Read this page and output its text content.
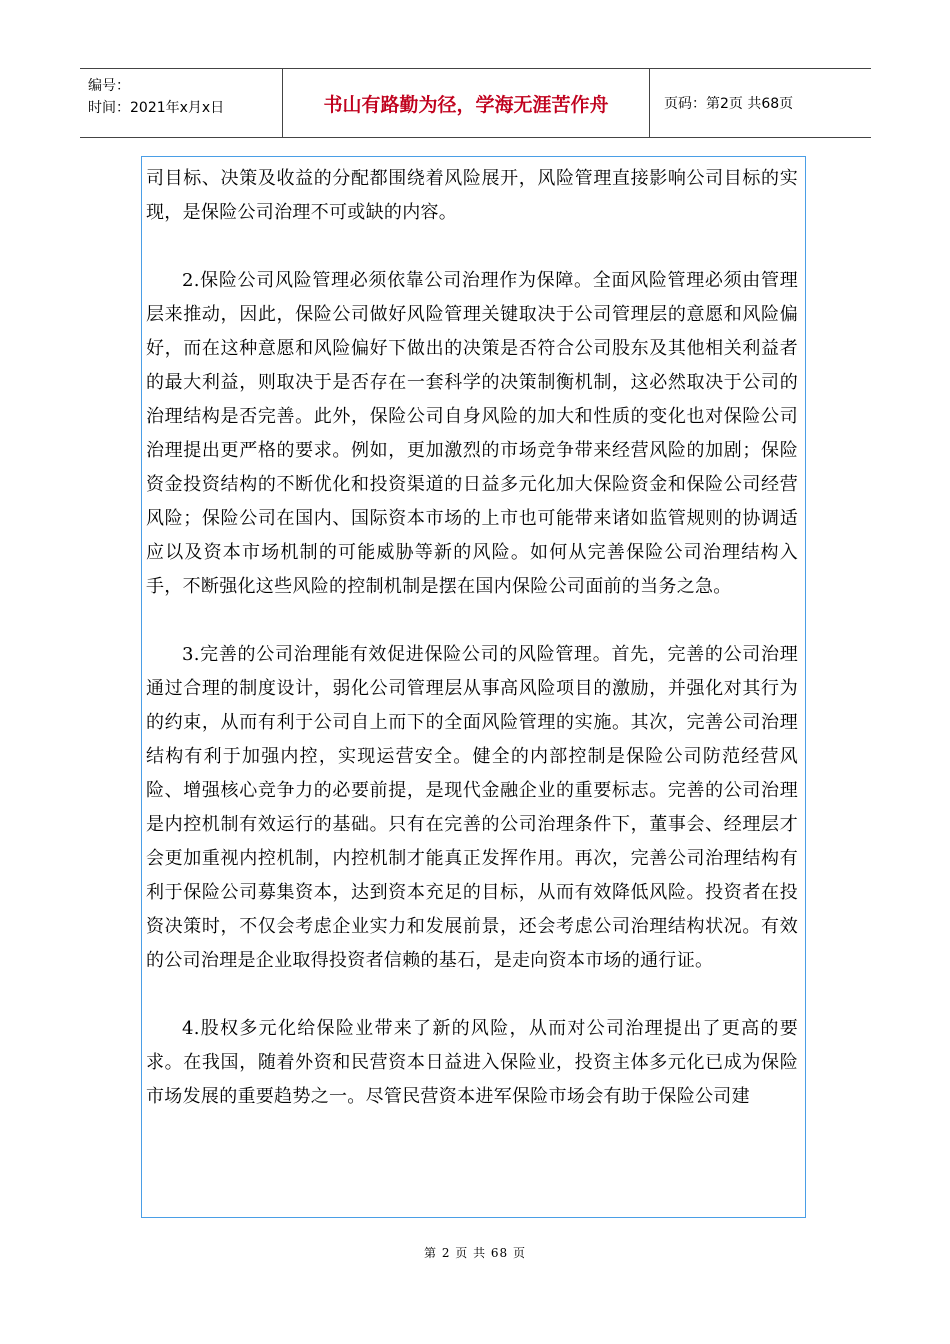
编号：
时间：2021年x月x日	书山有路勤为径，学海无涯苦作舟	页码：第2页 共68页

司目标、决策及收益的分配都围绕着风险展开，风险管理直接影响公司目标的实现，是保险公司治理不可或缺的内容。

2.保险公司风险管理必须依靠公司治理作为保障。全面风险管理必须由管理层来推动，因此，保险公司做好风险管理关键取决于公司管理层的意愿和风险偏好，而在这种意愿和风险偏好下做出的决策是否符合公司股东及其他相关利益者的最大利益，则取决于是否存在一套科学的决策制衡机制，这必然取决于公司的治理结构是否完善。此外，保险公司自身风险的加大和性质的变化也对保险公司治理提出更严格的要求。例如，更加激烈的市场竞争带来经营风险的加剧；保险资金投资结构的不断优化和投资渠道的日益多元化加大保险资金和保险公司经营风险；保险公司在国内、国际资本市场的上市也可能带来诸如监管规则的协调适应以及资本市场机制的可能威胁等新的风险。如何从完善保险公司治理结构入手，不断强化这些风险的控制机制是摆在国内保险公司面前的当务之急。

3.完善的公司治理能有效促进保险公司的风险管理。首先，完善的公司治理通过合理的制度设计，弱化公司管理层从事高风险项目的激励，并强化对其行为的约束，从而有利于公司自上而下的全面风险管理的实施。其次，完善公司治理结构有利于加强内控，实现运营安全。健全的内部控制是保险公司防范经营风险、增强核心竞争力的必要前提，是现代金融企业的重要标志。完善的公司治理是内控机制有效运行的基础。只有在完善的公司治理条件下，董事会、经理层才会更加重视内控机制，内控机制才能真正发挥作用。再次，完善公司治理结构有利于保险公司募集资本，达到资本充足的目标，从而有效降低风险。投资者在投资决策时，不仅会考虑企业实力和发展前景，还会考虑公司治理结构状况。有效的公司治理是企业取得投资者信赖的基石，是走向资本市场的通行证。

4.股权多元化给保险业带来了新的风险，从而对公司治理提出了更高的要求。在我国，随着外资和民营资本日益进入保险业，投资主体多元化已成为保险市场发展的重要趋势之一。尽管民营资本进军保险市场会有助于保险公司建

第 2 页 共 68 页
